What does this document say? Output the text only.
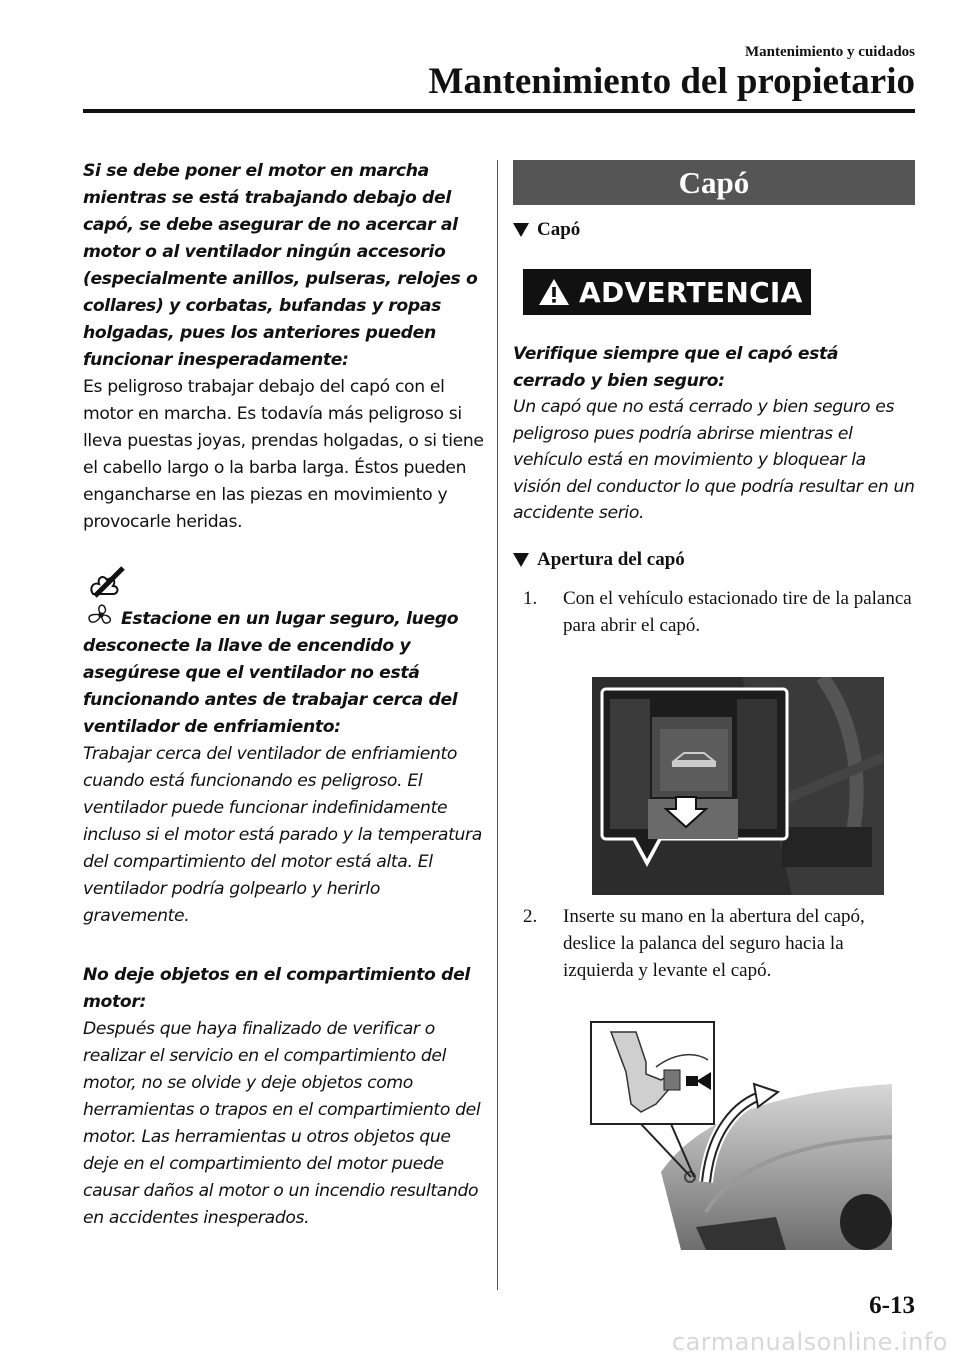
Mantenimiento y cuidados
Mantenimiento del propietario

Si se debe poner el motor en marcha mientras se está trabajando debajo del capó, se debe asegurar de no acercar al motor o al ventilador ningún accesorio (especialmente anillos, pulseras, relojes o collares) y corbatas, bufandas y ropas holgadas, pues los anteriores pueden funcionar inesperadamente:

Es peligroso trabajar debajo del capó con el motor en marcha. Es todavía más peligroso si lleva puestas joyas, prendas holgadas, o si tiene el cabello largo o la barba larga. Éstos pueden engancharse en las piezas en movimiento y provocarle heridas.

Estacione en un lugar seguro, luego desconecte la llave de encendido y asegúrese que el ventilador no está funcionando antes de trabajar cerca del ventilador de enfriamiento:

Trabajar cerca del ventilador de enfriamiento cuando está funcionando es peligroso. El ventilador puede funcionar indefinidamente incluso si el motor está parado y la temperatura del compartimiento del motor está alta. El ventilador podría golpearlo y herirlo gravemente.

No deje objetos en el compartimiento del motor:

Después que haya finalizado de verificar o realizar el servicio en el compartimiento del motor, no se olvide y deje objetos como herramientas o trapos en el compartimiento del motor. Las herramientas u otros objetos que deje en el compartimiento del motor puede causar daños al motor o un incendio resultando en accidentes inesperados.

Capó
Capó
ADVERTENCIA

Verifique siempre que el capó está cerrado y bien seguro:

Un capó que no está cerrado y bien seguro es peligroso pues podría abrirse mientras el vehículo está en movimiento y bloquear la visión del conductor lo que podría resultar en un accidente serio.

Apertura del capó
1.	Con el vehículo estacionado tire de la palanca para abrir el capó.
2.	Inserte su mano en la abertura del capó, deslice la palanca del seguro hacia la izquierda y levante el capó.
6-13
carmanualsonline.info
